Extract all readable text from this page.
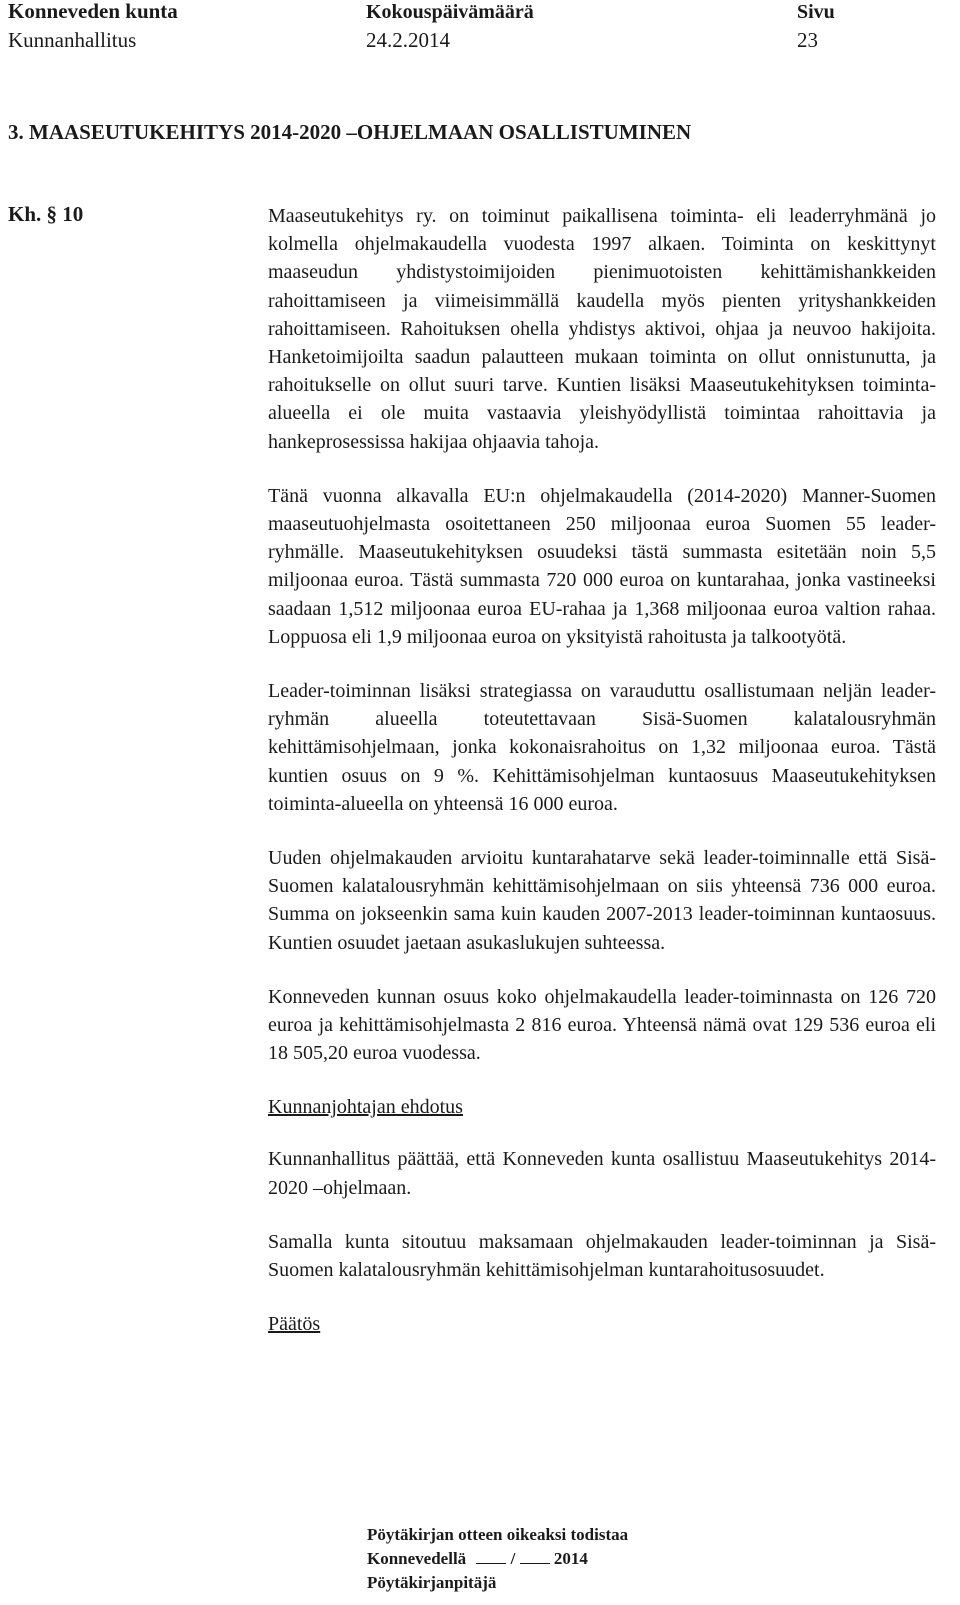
Konneveden kunta
Kunnanhallitus
Kokouspäivämäärä
24.2.2014
Sivu
23
3. MAASEUTUKEHITYS 2014-2020 –OHJELMAAN OSALLISTUMINEN
Kh. § 10	Maaseutukehitys ry. on toiminut paikallisena toiminta- eli leaderryhmänä jo kolmella ohjelmakaudella vuodesta 1997 alkaen. Toiminta on keskittynyt maaseudun yhdistystoimijoiden pienimuotoisten kehittämishankkeiden rahoittamiseen ja viimeisimmällä kaudella myös pienten yrityshankkeiden rahoittamiseen. Rahoituksen ohella yhdistys aktivoi, ohjaa ja neuvoo hakijoita. Hanketoimijoilta saadun palautteen mukaan toiminta on ollut onnistunutta, ja rahoitukselle on ollut suuri tarve. Kuntien lisäksi Maaseutukehityksen toiminta-alueella ei ole muita vastaavia yleishyödyllistä toimintaa rahoittavia ja hankeprosessissa hakijaa ohjaavia tahoja.

Tänä vuonna alkavalla EU:n ohjelmakaudella (2014-2020) Manner-Suomen maaseutuohjelmasta osoitettaneen 250 miljoonaa euroa Suomen 55 leader-ryhmälle. Maaseutukehityksen osuudeksi tästä summasta esitetään noin 5,5 miljoonaa euroa. Tästä summasta 720 000 euroa on kuntarahaa, jonka vastineeksi saadaan 1,512 miljoonaa euroa EU-rahaa ja 1,368 miljoonaa euroa valtion rahaa. Loppuosa eli 1,9 miljoonaa euroa on yksityistä rahoitusta ja talkootyötä.

Leader-toiminnan lisäksi strategiassa on varauduttu osallistumaan neljän leader-ryhmän alueella toteutettavaan Sisä-Suomen kalatalousryhmän kehittämisohjelmaan, jonka kokonaisrahoitus on 1,32 miljoonaa euroa. Tästä kuntien osuus on 9 %. Kehittämisohjelman kuntaosuus Maaseutukehityksen toiminta-alueella on yhteensä 16 000 euroa.

Uuden ohjelmakauden arvioitu kuntarahatarve sekä leader-toiminnalle että Sisä-Suomen kalatalousryhmän kehittämisohjelmaan on siis yhteensä 736 000 euroa. Summa on jokseenkin sama kuin kauden 2007-2013 leader-toiminnan kuntaosuus. Kuntien osuudet jaetaan asukaslukujen suhteessa.

Konneveden kunnan osuus koko ohjelmakaudella leader-toiminnasta on 126 720 euroa ja kehittämisohjelmasta 2 816 euroa. Yhteensä nämä ovat 129 536 euroa eli 18 505,20 euroa vuodessa.

Kunnanjohtajan ehdotus

Kunnanhallitus päättää, että Konneveden kunta osallistuu Maaseutukehitys 2014-2020 –ohjelmaan.

Samalla kunta sitoutuu maksamaan ohjelmakauden leader-toiminnan ja Sisä-Suomen kalatalousryhmän kehittämisohjelman kuntarahoitusosuudet.

Päätös

Pöytäkirjan otteen oikeaksi todistaa
Konnevedellä	/ 2014
Pöytäkirjanpitäjä
